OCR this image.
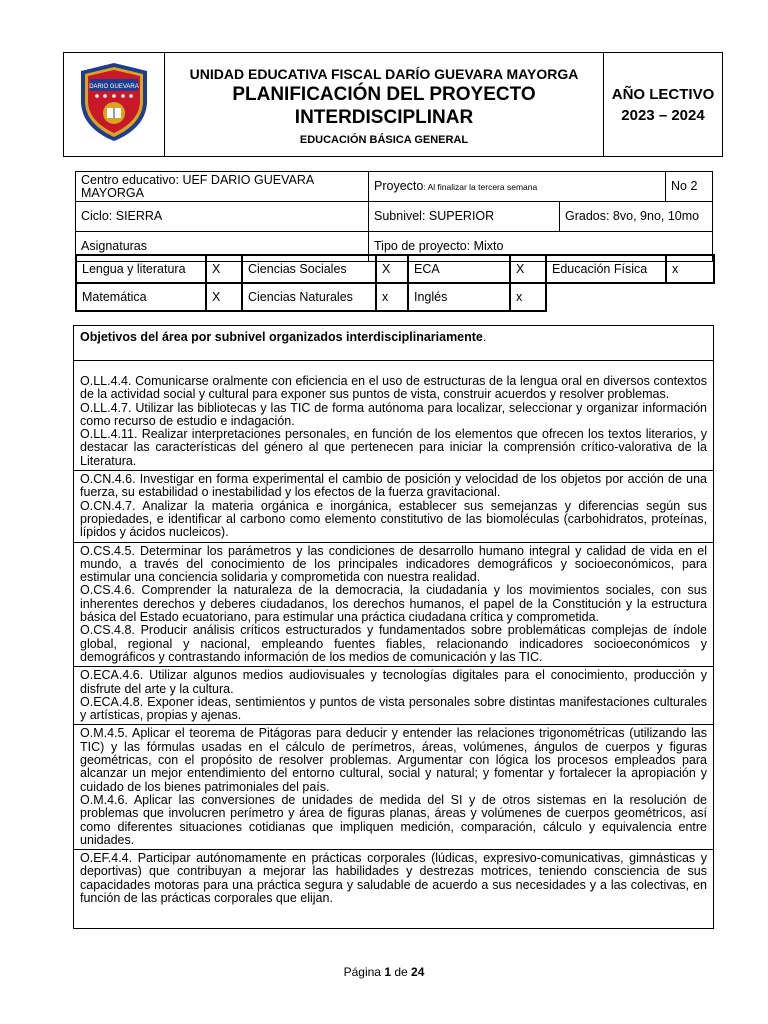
DARIO GUEVARA

UNIDAD EDUCATIVA FISCAL DARÍO GUEVARA MAYORGA
PLANIFICACIÓN DEL PROYECTO
INTERDISCIPLINAR
EDUCACIÓN BÁSICA GENERAL

AÑO LECTIVO
2023 – 2024
Centro educativo: UEF DARIO GUEVARA MAYORGA	Proyecto: Al finalizar la tercera semana		No 2
Ciclo: SIERRA	Subnivel: SUPERIOR	Grados: 8vo, 9no, 10mo	
Asignaturas	Tipo de proyecto: Mixto		
Lengua y literatura	X	Ciencias Sociales	X	ECA	X	Educación Física	x
Matemática	X	Ciencias Naturales	x	Inglés	x		
Objetivos del área por subnivel organizados interdisciplinariamente.

O.LL.4.4. Comunicarse oralmente con eficiencia en el uso de estructuras de la lengua oral en diversos contextos de la actividad social y cultural para exponer sus puntos de vista, construir acuerdos y resolver problemas.

O.LL.4.7. Utilizar las bibliotecas y las TIC de forma autónoma para localizar, seleccionar y organizar información como recurso de estudio e indagación.

O.LL.4.11. Realizar interpretaciones personales, en función de los elementos que ofrecen los textos literarios, y destacar las características del género al que pertenecen para iniciar la comprensión crítico-valorativa de la Literatura.

O.CN.4.6. Investigar en forma experimental el cambio de posición y velocidad de los objetos por acción de una fuerza, su estabilidad o inestabilidad y los efectos de la fuerza gravitacional.

O.CN.4.7. Analizar la materia orgánica e inorgánica, establecer sus semejanzas y diferencias según sus propiedades, e identificar al carbono como elemento constitutivo de las biomoléculas (carbohidratos, proteínas, lípidos y ácidos nucleicos).

O.CS.4.5. Determinar los parámetros y las condiciones de desarrollo humano integral y calidad de vida en el mundo, a través del conocimiento de los principales indicadores demográficos y socioeconómicos, para estimular una conciencia solidaria y comprometida con nuestra realidad.

O.CS.4.6. Comprender la naturaleza de la democracia, la ciudadanía y los movimientos sociales, con sus inherentes derechos y deberes ciudadanos, los derechos humanos, el papel de la Constitución y la estructura básica del Estado ecuatoriano, para estimular una práctica ciudadana crítica y comprometida.

O.CS.4.8. Producir análisis críticos estructurados y fundamentados sobre problemáticas complejas de índole global, regional y nacional, empleando fuentes fiables, relacionando indicadores socioeconómicos y demográficos y contrastando información de los medios de comunicación y las TIC.

O.ECA.4.6. Utilizar algunos medios audiovisuales y tecnologías digitales para el conocimiento, producción y disfrute del arte y la cultura.

O.ECA.4.8. Exponer ideas, sentimientos y puntos de vista personales sobre distintas manifestaciones culturales y artísticas, propias y ajenas.

O.M.4.5. Aplicar el teorema de Pitágoras para deducir y entender las relaciones trigonométricas (utilizando las TIC) y las fórmulas usadas en el cálculo de perímetros, áreas, volúmenes, ángulos de cuerpos y figuras geométricas, con el propósito de resolver problemas. Argumentar con lógica los procesos empleados para alcanzar un mejor entendimiento del entorno cultural, social y natural; y fomentar y fortalecer la apropiación y cuidado de los bienes patrimoniales del país.

O.M.4.6. Aplicar las conversiones de unidades de medida del SI y de otros sistemas en la resolución de problemas que involucren perímetro y área de figuras planas, áreas y volúmenes de cuerpos geométricos, así como diferentes situaciones cotidianas que impliquen medición, comparación, cálculo y equivalencia entre unidades.

O.EF.4.4. Participar autónomamente en prácticas corporales (lúdicas, expresivo-comunicativas, gimnásticas y deportivas) que contribuyan a mejorar las habilidades y destrezas motrices, teniendo consciencia de sus capacidades motoras para una práctica segura y saludable de acuerdo a sus necesidades y a las colectivas, en función de las prácticas corporales que elijan.

Página 1 de 24
